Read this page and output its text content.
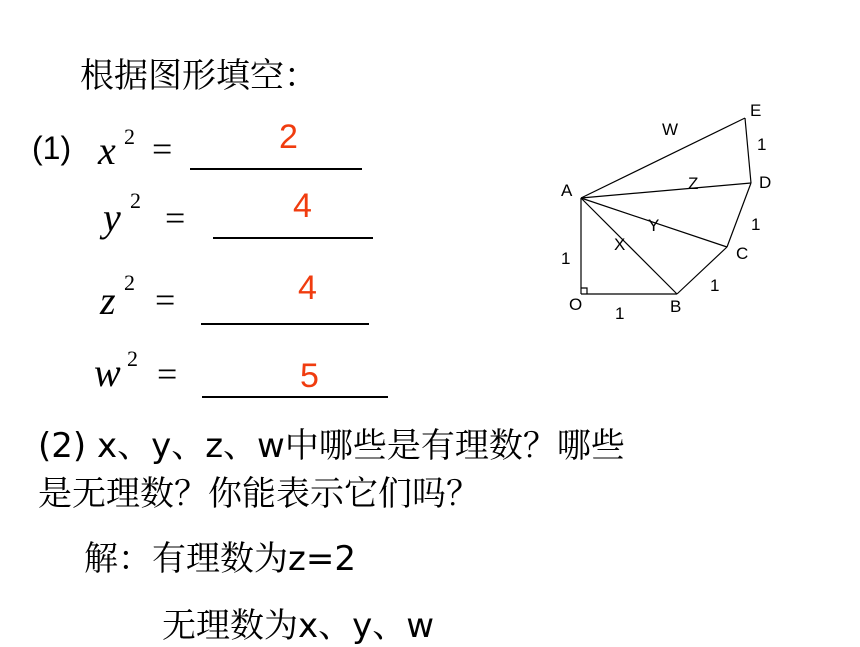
根据图形填空：
(1) x 2 =	2
y 2 =	4
z 2 =	4
w 2 =	5
(2) x、y、z、w中哪些是有理数？哪些
是无理数？你能表示它们吗？
解：有理数为z=2
无理数为x、y、w
A
O	B
C
D
E
1
1
1
1
1
X
Y
Z
W
